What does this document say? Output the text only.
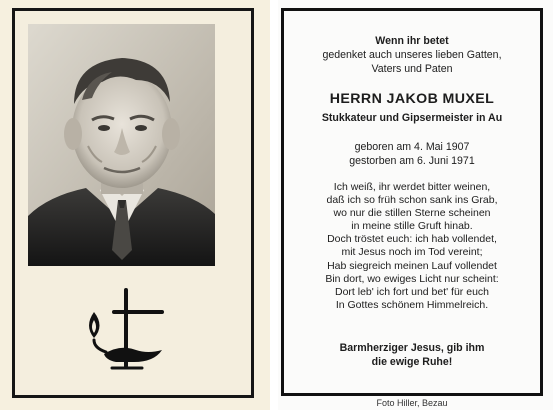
Wenn ihr betet
gedenket auch unseres lieben Gatten,
Vaters und Paten
HERRN JAKOB MUXEL
Stukkateur und Gipsermeister in Au
geboren am 4. Mai 1907
gestorben am 6. Juni 1971
Ich weiß, ihr werdet bitter weinen,
daß ich so früh schon sank ins Grab,
wo nur die stillen Sterne scheinen
in meine stille Gruft hinab.
Doch tröstet euch: ich hab vollendet,
mit Jesus noch im Tod vereint;
Hab siegreich meinen Lauf vollendet
Bin dort, wo ewiges Licht nur scheint:
Dort leb' ich fort und bet' für euch
In Gottes schönem Himmelreich.
Barmherziger Jesus, gib ihm
die ewige Ruhe!
Foto Hiller, Bezau
